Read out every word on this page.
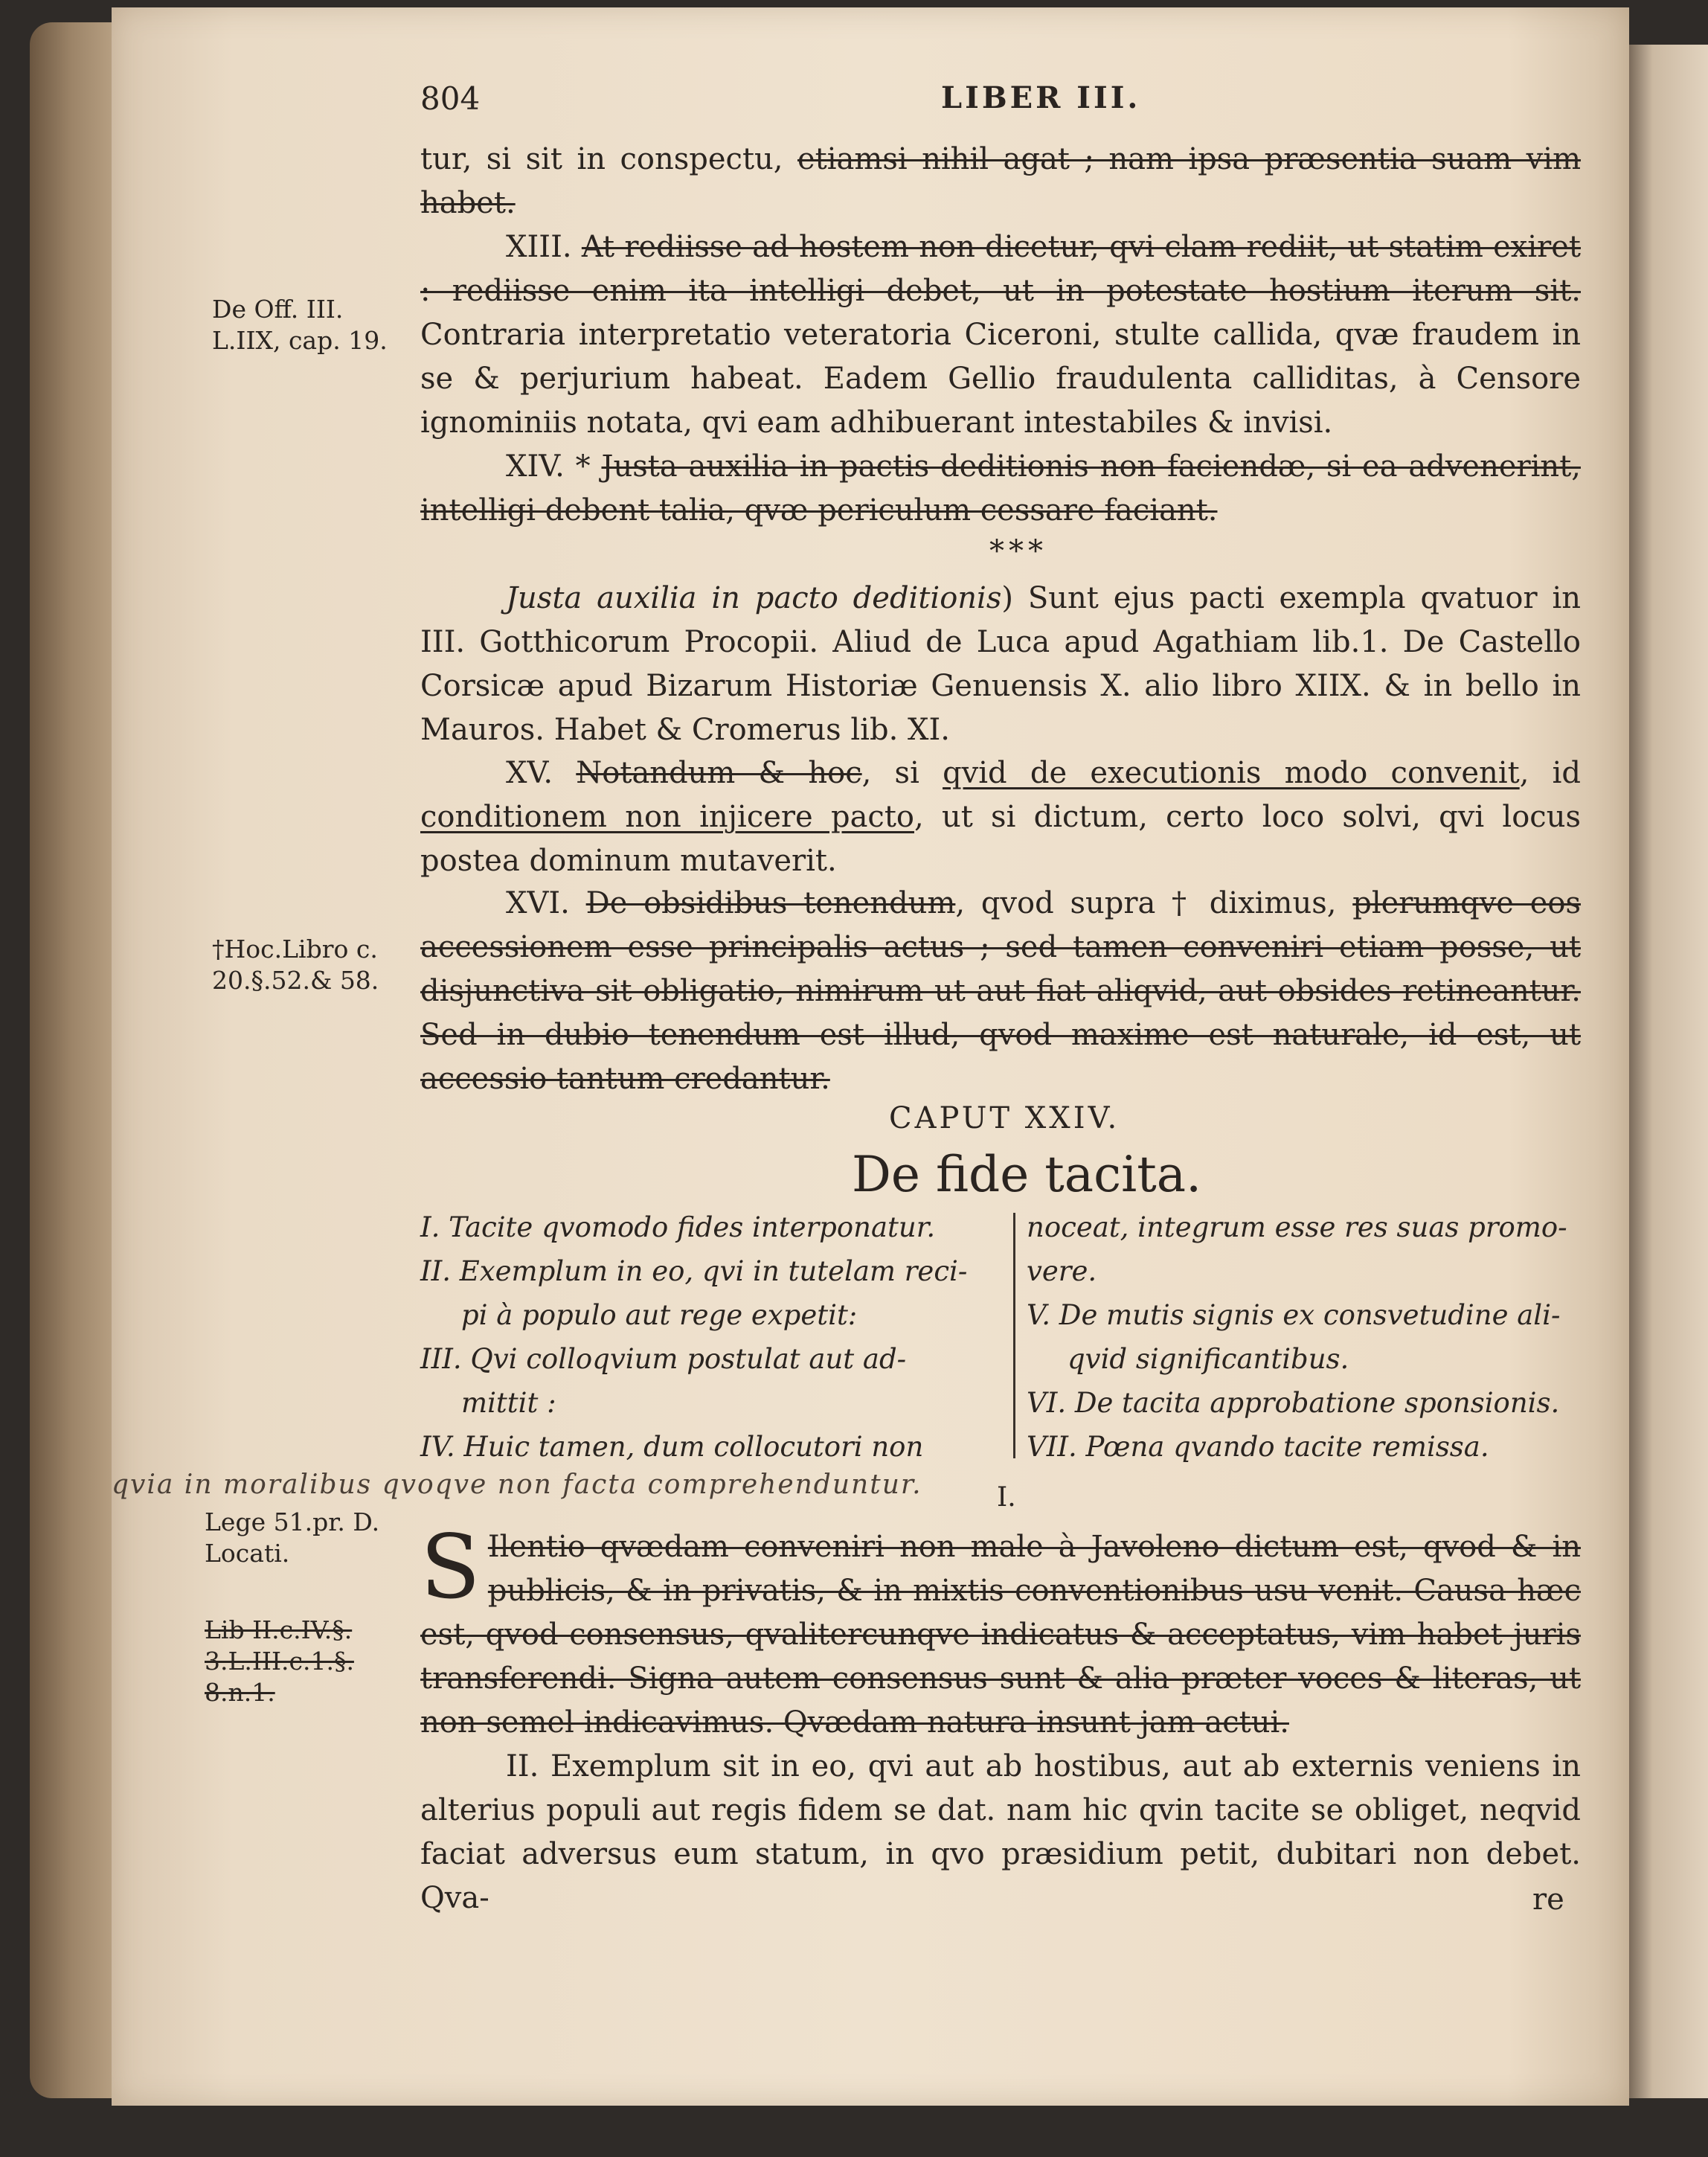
804	LIBER III.
De Off. III.
L.IIX, cap. 19.
†Hoc.Libro c.
20.§.52.& 58.
Lege 51.pr. D.
Locati.
Lib II.c.IV.§.
3.L.III.c.1.§.
8.n.1.
tur, si sit in conspectu, etiamsi nihil agat ; nam ipsa præsentia suam vim habet.
XIII. At rediisse ad hostem non dicetur, qvi clam rediit, ut statim exiret : rediisse enim ita intelligi debet, ut in potestate hostium iterum sit. Contraria interpretatio veteratoria Ciceroni, stulte callida, qvæ fraudem in se & perjurium habeat. Eadem Gellio fraudulenta calliditas, à Censore ignominiis notata, qvi eam adhibuerant intestabiles & invisi.
XIV. * Justa auxilia in pactis deditionis non faciendæ, si ea advenerint, intelligi debent talia, qvæ periculum cessare faciant.
***
Justa auxilia in pacto deditionis) Sunt ejus pacti exempla qvatuor in III. Gotthicorum Procopii. Aliud de Luca apud Agathiam lib.1. De Castello Corsicæ apud Bizarum Historiæ Genuensis X. alio libro XIIX. & in bello in Mauros. Habet & Cromerus lib. XI.
XV. Notandum & hoc, si qvid de executionis modo convenit, id conditionem non injicere pacto, ut si dictum, certo loco solvi, qvi locus postea dominum mutaverit.
XVI. De obsidibus tenendum, qvod supra † diximus, plerumqve eos accessionem esse principalis actus ; sed tamen conveniri etiam posse, ut disjunctiva sit obligatio, nimirum ut aut fiat aliqvid, aut obsides retineantur. Sed in dubio tenendum est illud, qvod maxime est naturale, id est, ut accessio tantum credantur.
CAPUT XXIV.
De fide tacita.

I. Tacite qvomodo fides interponatur.

II. Exemplum in eo, qvi in tutelam reci-

pi à populo aut rege expetit:

III. Qvi colloqvium postulat aut ad-

mittit :

IV. Huic tamen, dum collocutori non

noceat, integrum esse res suas promo-

vere.

V. De mutis signis ex consvetudine ali-

qvid significantibus.

VI. De tacita approbatione sponsionis.

VII. Pœna qvando tacite remissa.

qvia in moralibus qvoqve non facta comprehenduntur.	I.
S Ilentio qvædam conveniri non male à Javoleno dictum est, qvod & in publicis, & in privatis, & in mixtis conventionibus usu venit. Causa hæc est, qvod consensus, qvalitercunqve indicatus & acceptatus, vim habet juris transferendi. Signa autem consensus sunt & alia præter voces & literas, ut non semel indicavimus. Qvædam natura insunt jam actui.
II. Exemplum sit in eo, qvi aut ab hostibus, aut ab externis veniens in alterius populi aut regis fidem se dat. nam hic qvin tacite se obliget, neqvid faciat adversus eum statum, in qvo præsidium petit, dubitari non debet. Qva-	re
